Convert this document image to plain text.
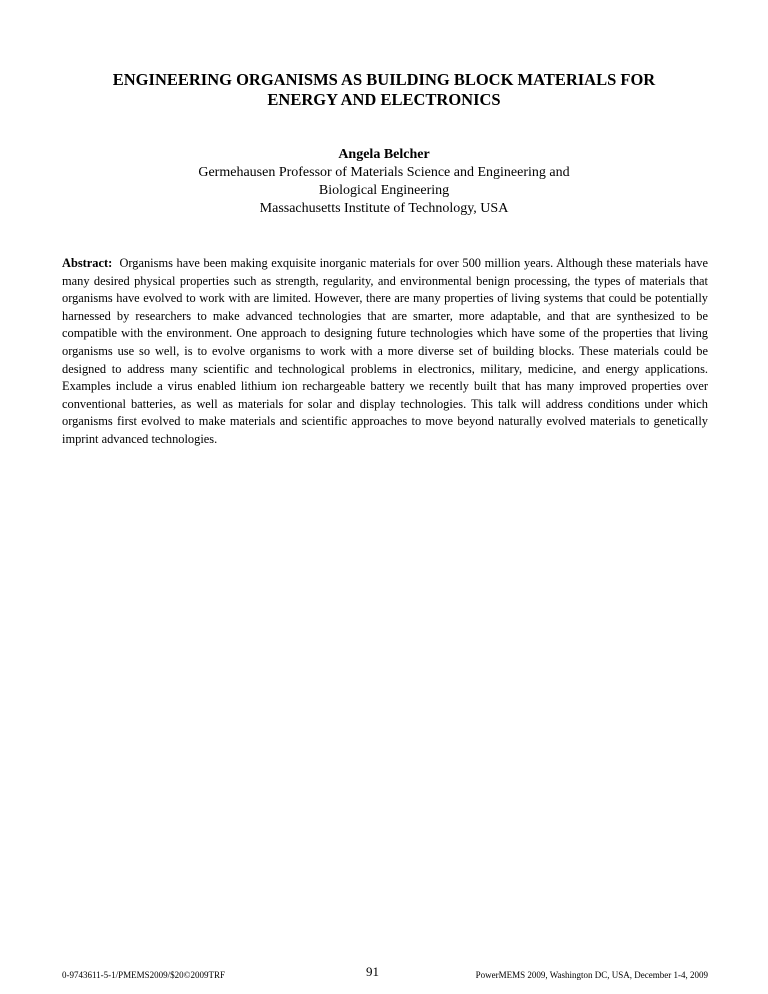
ENGINEERING ORGANISMS AS BUILDING BLOCK MATERIALS FOR
ENERGY AND ELECTRONICS
Angela Belcher
Germehausen Professor of Materials Science and Engineering and
Biological Engineering
Massachusetts Institute of Technology, USA

Abstract: Organisms have been making exquisite inorganic materials for over 500 million years. Although these materials have many desired physical properties such as strength, regularity, and environmental benign processing, the types of materials that organisms have evolved to work with are limited. However, there are many properties of living systems that could be potentially harnessed by researchers to make advanced technologies that are smarter, more adaptable, and that are synthesized to be compatible with the environment. One approach to designing future technologies which have some of the properties that living organisms use so well, is to evolve organisms to work with a more diverse set of building blocks. These materials could be designed to address many scientific and technological problems in electronics, military, medicine, and energy applications. Examples include a virus enabled lithium ion rechargeable battery we recently built that has many improved properties over conventional batteries, as well as materials for solar and display technologies. This talk will address conditions under which organisms first evolved to make materials and scientific approaches to move beyond naturally evolved materials to genetically imprint advanced technologies.

0-9743611-5-1/PMEMS2009/$20©2009TRF	91	PowerMEMS 2009, Washington DC, USA, December 1-4, 2009
